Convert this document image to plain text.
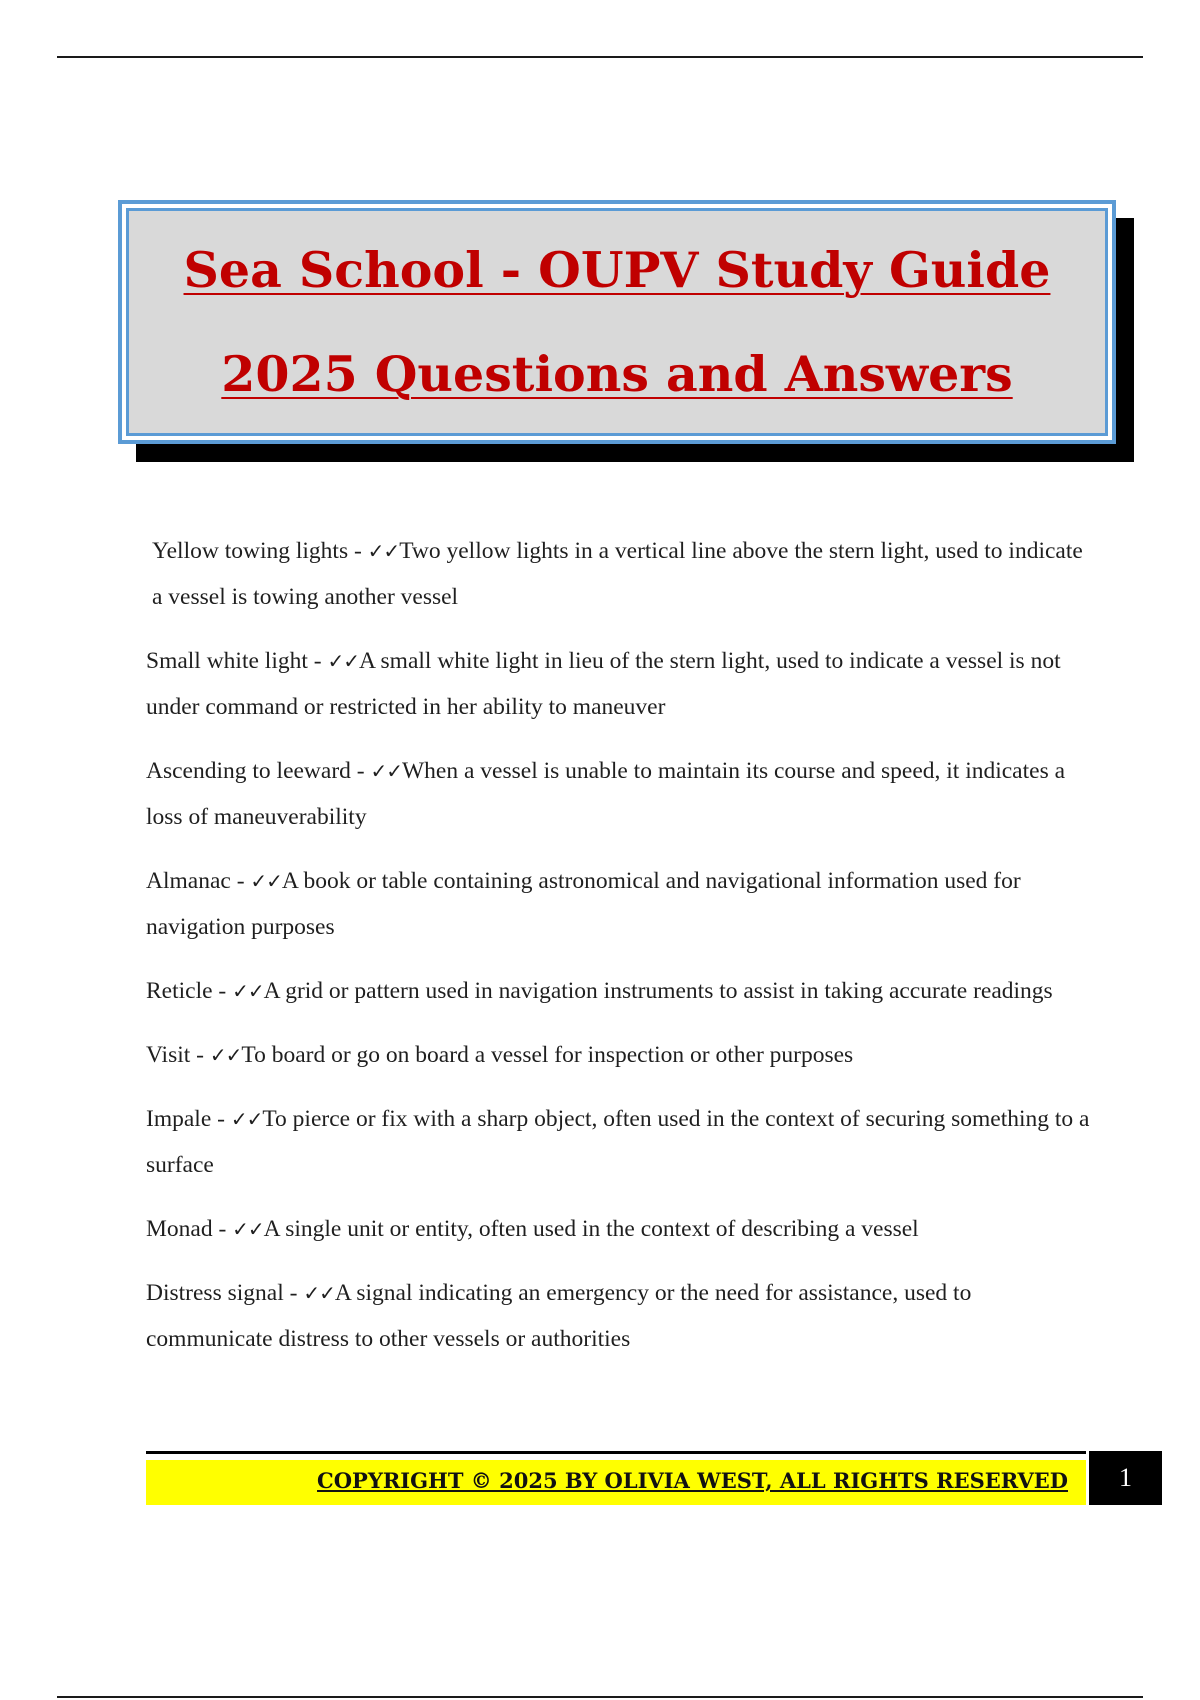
Sea School - OUPV Study Guide
2025 Questions and Answers

Yellow towing lights - ✓✓Two yellow lights in a vertical line above the stern light, used to indicate a vessel is towing another vessel

Small white light - ✓✓A small white light in lieu of the stern light, used to indicate a vessel is not under command or restricted in her ability to maneuver

Ascending to leeward - ✓✓When a vessel is unable to maintain its course and speed, it indicates a loss of maneuverability

Almanac - ✓✓A book or table containing astronomical and navigational information used for navigation purposes

Reticle - ✓✓A grid or pattern used in navigation instruments to assist in taking accurate readings

Visit - ✓✓To board or go on board a vessel for inspection or other purposes

Impale - ✓✓To pierce or fix with a sharp object, often used in the context of securing something to a surface

Monad - ✓✓A single unit or entity, often used in the context of describing a vessel

Distress signal - ✓✓A signal indicating an emergency or the need for assistance, used to communicate distress to other vessels or authorities

COPYRIGHT © 2025 BY OLIVIA WEST, ALL RIGHTS RESERVED	1
